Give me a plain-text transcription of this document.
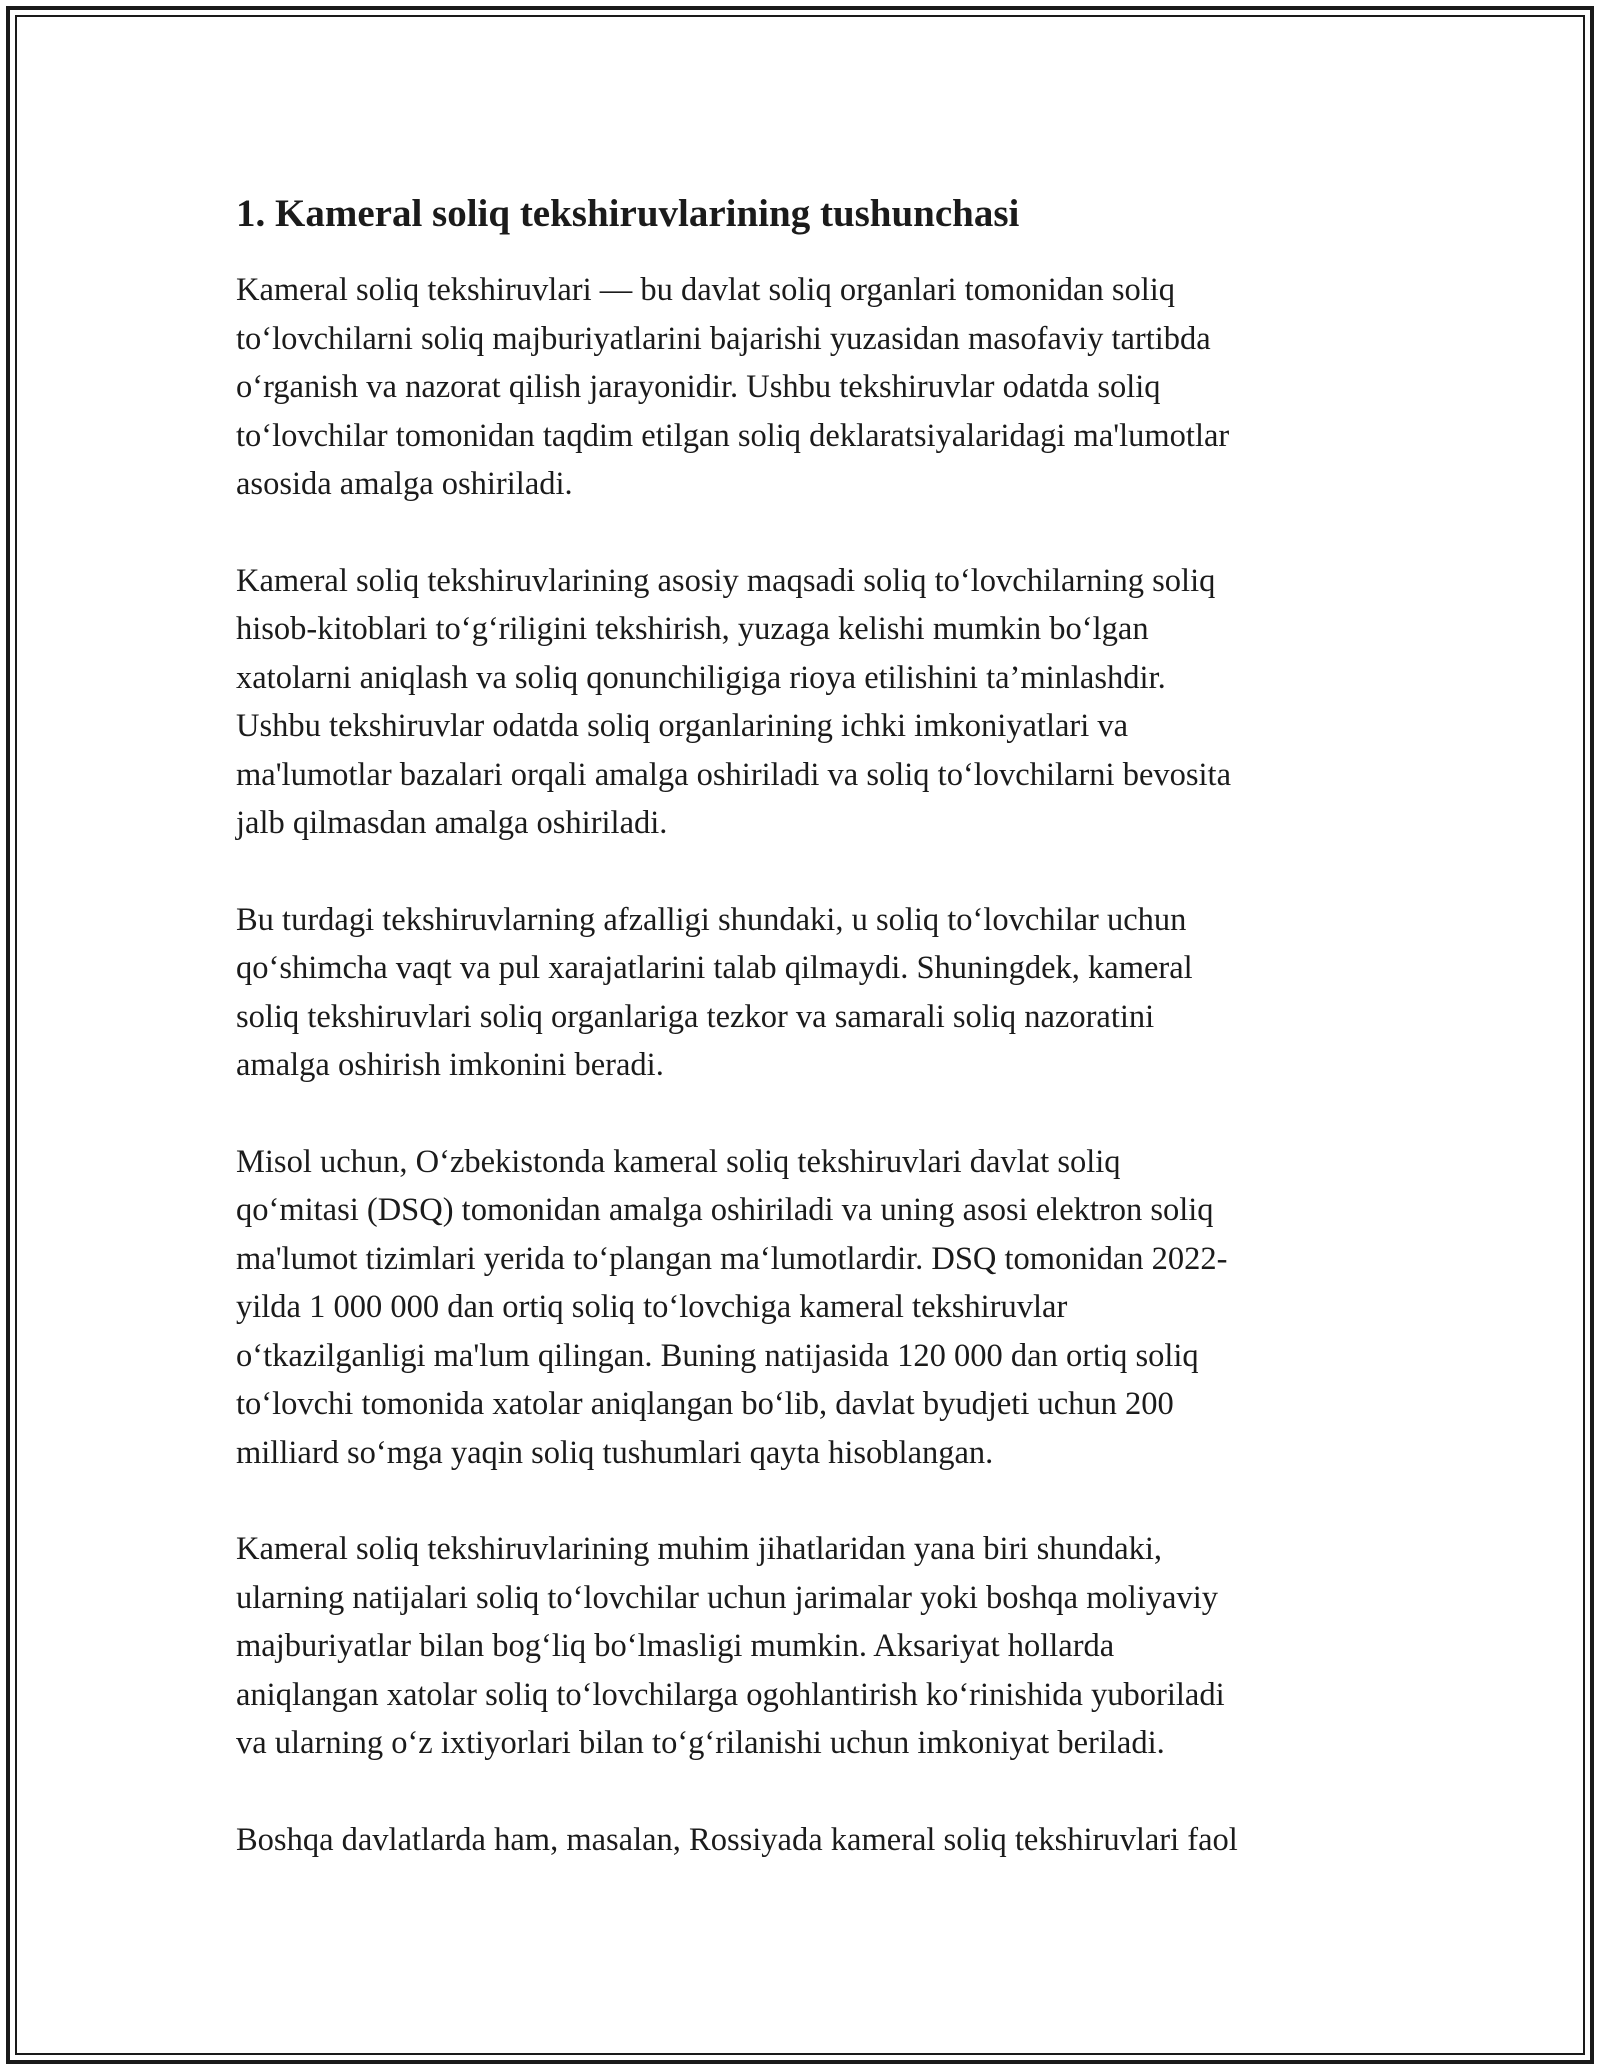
1. Kameral soliq tekshiruvlarining tushunchasi

Kameral soliq tekshiruvlari — bu davlat soliq organlari tomonidan soliq
to‘lovchilarni soliq majburiyatlarini bajarishi yuzasidan masofaviy tartibda
o‘rganish va nazorat qilish jarayonidir. Ushbu tekshiruvlar odatda soliq
to‘lovchilar tomonidan taqdim etilgan soliq deklaratsiyalaridagi ma'lumotlar
asosida amalga oshiriladi.

Kameral soliq tekshiruvlarining asosiy maqsadi soliq to‘lovchilarning soliq
hisob-kitoblari to‘g‘riligini tekshirish, yuzaga kelishi mumkin bo‘lgan
xatolarni aniqlash va soliq qonunchiligiga rioya etilishini ta’minlashdir.
Ushbu tekshiruvlar odatda soliq organlarining ichki imkoniyatlari va
ma'lumotlar bazalari orqali amalga oshiriladi va soliq to‘lovchilarni bevosita
jalb qilmasdan amalga oshiriladi.

Bu turdagi tekshiruvlarning afzalligi shundaki, u soliq to‘lovchilar uchun
qo‘shimcha vaqt va pul xarajatlarini talab qilmaydi. Shuningdek, kameral
soliq tekshiruvlari soliq organlariga tezkor va samarali soliq nazoratini
amalga oshirish imkonini beradi.

Misol uchun, O‘zbekistonda kameral soliq tekshiruvlari davlat soliq
qo‘mitasi (DSQ) tomonidan amalga oshiriladi va uning asosi elektron soliq
ma'lumot tizimlari yerida to‘plangan ma‘lumotlardir. DSQ tomonidan 2022-
yilda 1 000 000 dan ortiq soliq to‘lovchiga kameral tekshiruvlar
o‘tkazilganligi ma'lum qilingan. Buning natijasida 120 000 dan ortiq soliq
to‘lovchi tomonida xatolar aniqlangan bo‘lib, davlat byudjeti uchun 200
milliard so‘mga yaqin soliq tushumlari qayta hisoblangan.

Kameral soliq tekshiruvlarining muhim jihatlaridan yana biri shundaki,
ularning natijalari soliq to‘lovchilar uchun jarimalar yoki boshqa moliyaviy
majburiyatlar bilan bog‘liq bo‘lmasligi mumkin. Aksariyat hollarda
aniqlangan xatolar soliq to‘lovchilarga ogohlantirish ko‘rinishida yuboriladi
va ularning o‘z ixtiyorlari bilan to‘g‘rilanishi uchun imkoniyat beriladi.

Boshqa davlatlarda ham, masalan, Rossiyada kameral soliq tekshiruvlari faol
